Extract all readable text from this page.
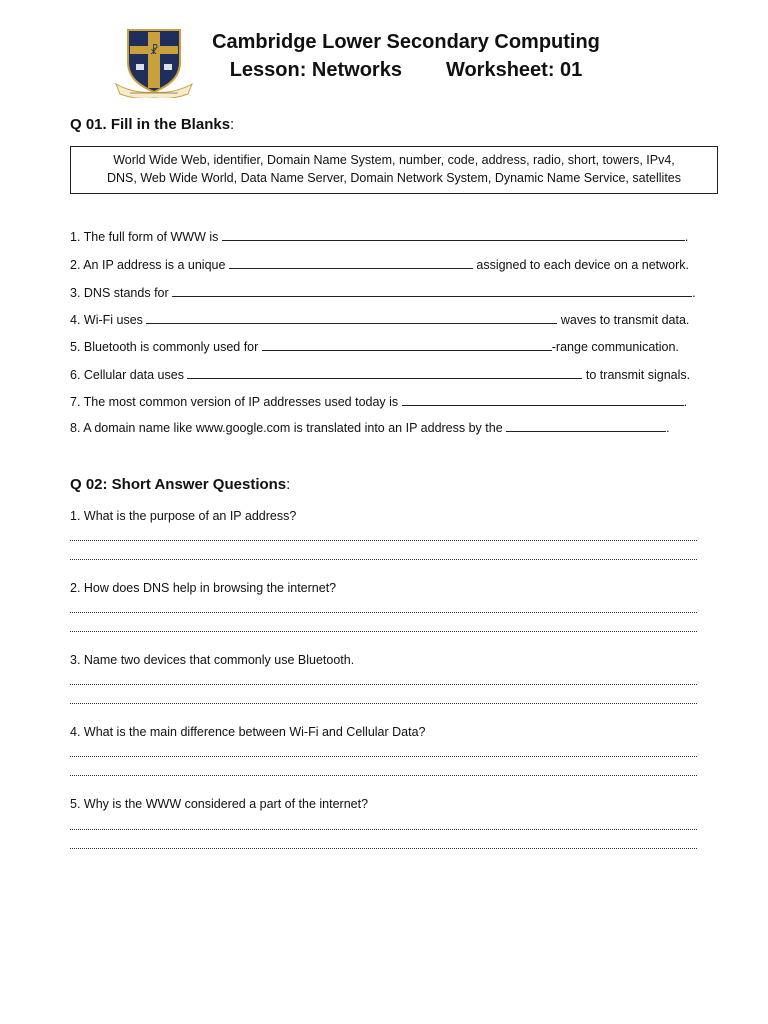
☧	Cambridge Lower Secondary Computing
Lesson: Networks Worksheet: 01
Q 01. Fill in the Blanks:
World Wide Web, identifier, Domain Name System, number, code, address, radio, short, towers, IPv4,
DNS, Web Wide World, Data Name Server, Domain Network System, Dynamic Name Service, satellites
1. The full form of WWW is	.
2. An IP address is a unique	assigned to each device on a network.
3. DNS stands for	.
4. Wi-Fi uses	waves to transmit data.
5. Bluetooth is commonly used for	-range communication.
6. Cellular data uses	to transmit signals.
7. The most common version of IP addresses used today is	.
8. A domain name like www.google.com is translated into an IP address by the	.
Q 02: Short Answer Questions:
1. What is the purpose of an IP address?
2. How does DNS help in browsing the internet?
3. Name two devices that commonly use Bluetooth.
4. What is the main difference between Wi-Fi and Cellular Data?
5. Why is the WWW considered a part of the internet?
